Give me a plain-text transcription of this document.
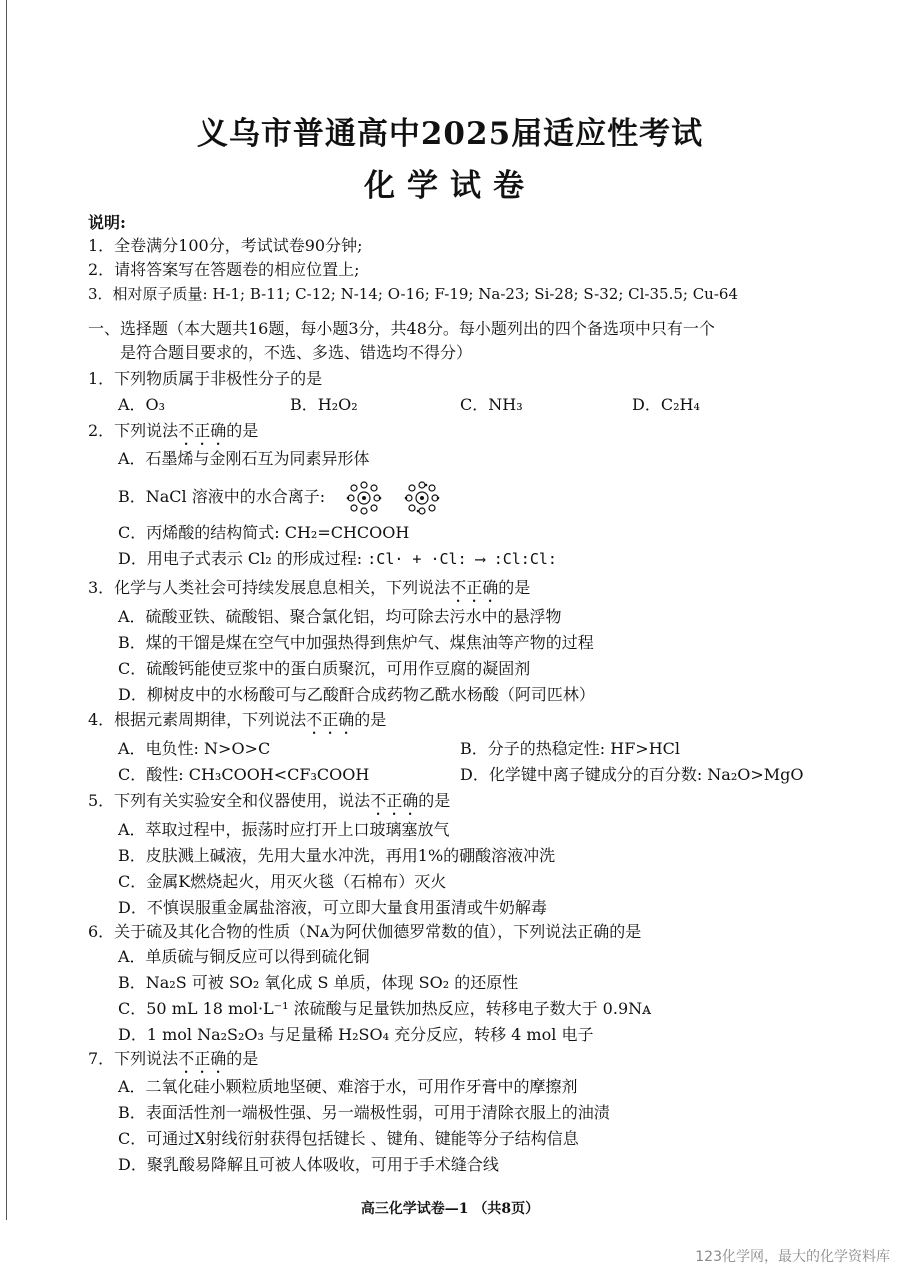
义乌市普通高中2025届适应性考试
化学试卷
说明:
1．全卷满分100分，考试试卷90分钟;
2．请将答案写在答题卷的相应位置上;
3．相对原子质量: H-1; B-11; C-12; N-14; O-16; F-19; Na-23; Si-28; S-32; Cl-35.5; Cu-64
一、选择题（本大题共16题，每小题3分，共48分。每小题列出的四个备选项中只有一个
是符合题目要求的，不选、多选、错选均不得分）
1．下列物质属于非极性分子的是
A．O₃	B．H₂O₂	C．NH₃	D．C₂H₄
2．下列说法不正确的是
A．石墨烯与金刚石互为同素异形体
B．NaCl 溶液中的水合离子:
C．丙烯酸的结构简式: CH₂=CHCOOH
D．用电子式表示 Cl₂ 的形成过程: :Cl· + ·Cl: ⟶ :Cl:Cl:
3．化学与人类社会可持续发展息息相关，下列说法不正确的是
A．硫酸亚铁、硫酸铝、聚合氯化铝，均可除去污水中的悬浮物
B．煤的干馏是煤在空气中加强热得到焦炉气、煤焦油等产物的过程
C．硫酸钙能使豆浆中的蛋白质聚沉，可用作豆腐的凝固剂
D．柳树皮中的水杨酸可与乙酸酐合成药物乙酰水杨酸（阿司匹林）
4．根据元素周期律，下列说法不正确的是
A．电负性: N>O>C	B．分子的热稳定性: HF>HCl
C．酸性: CH₃COOH<CF₃COOH	D．化学键中离子键成分的百分数: Na₂O>MgO
5．下列有关实验安全和仪器使用，说法不正确的是
A．萃取过程中，振荡时应打开上口玻璃塞放气
B．皮肤溅上碱液，先用大量水冲洗，再用1%的硼酸溶液冲洗
C．金属K燃烧起火，用灭火毯（石棉布）灭火
D．不慎误服重金属盐溶液，可立即大量食用蛋清或牛奶解毒
6．关于硫及其化合物的性质（Nᴀ为阿伏伽德罗常数的值），下列说法正确的是
A．单质硫与铜反应可以得到硫化铜
B．Na₂S 可被 SO₂ 氧化成 S 单质，体现 SO₂ 的还原性
C．50 mL 18 mol·L⁻¹ 浓硫酸与足量铁加热反应，转移电子数大于 0.9Nᴀ
D．1 mol Na₂S₂O₃ 与足量稀 H₂SO₄ 充分反应，转移 4 mol 电子
7．下列说法不正确的是
A．二氧化硅小颗粒质地坚硬、难溶于水，可用作牙膏中的摩擦剂
B．表面活性剂一端极性强、另一端极性弱，可用于清除衣服上的油渍
C．可通过X射线衍射获得包括键长 、键角、键能等分子结构信息
D．聚乳酸易降解且可被人体吸收，可用于手术缝合线
高三化学试卷—1 （共8页）
123化学网，最大的化学资料库
